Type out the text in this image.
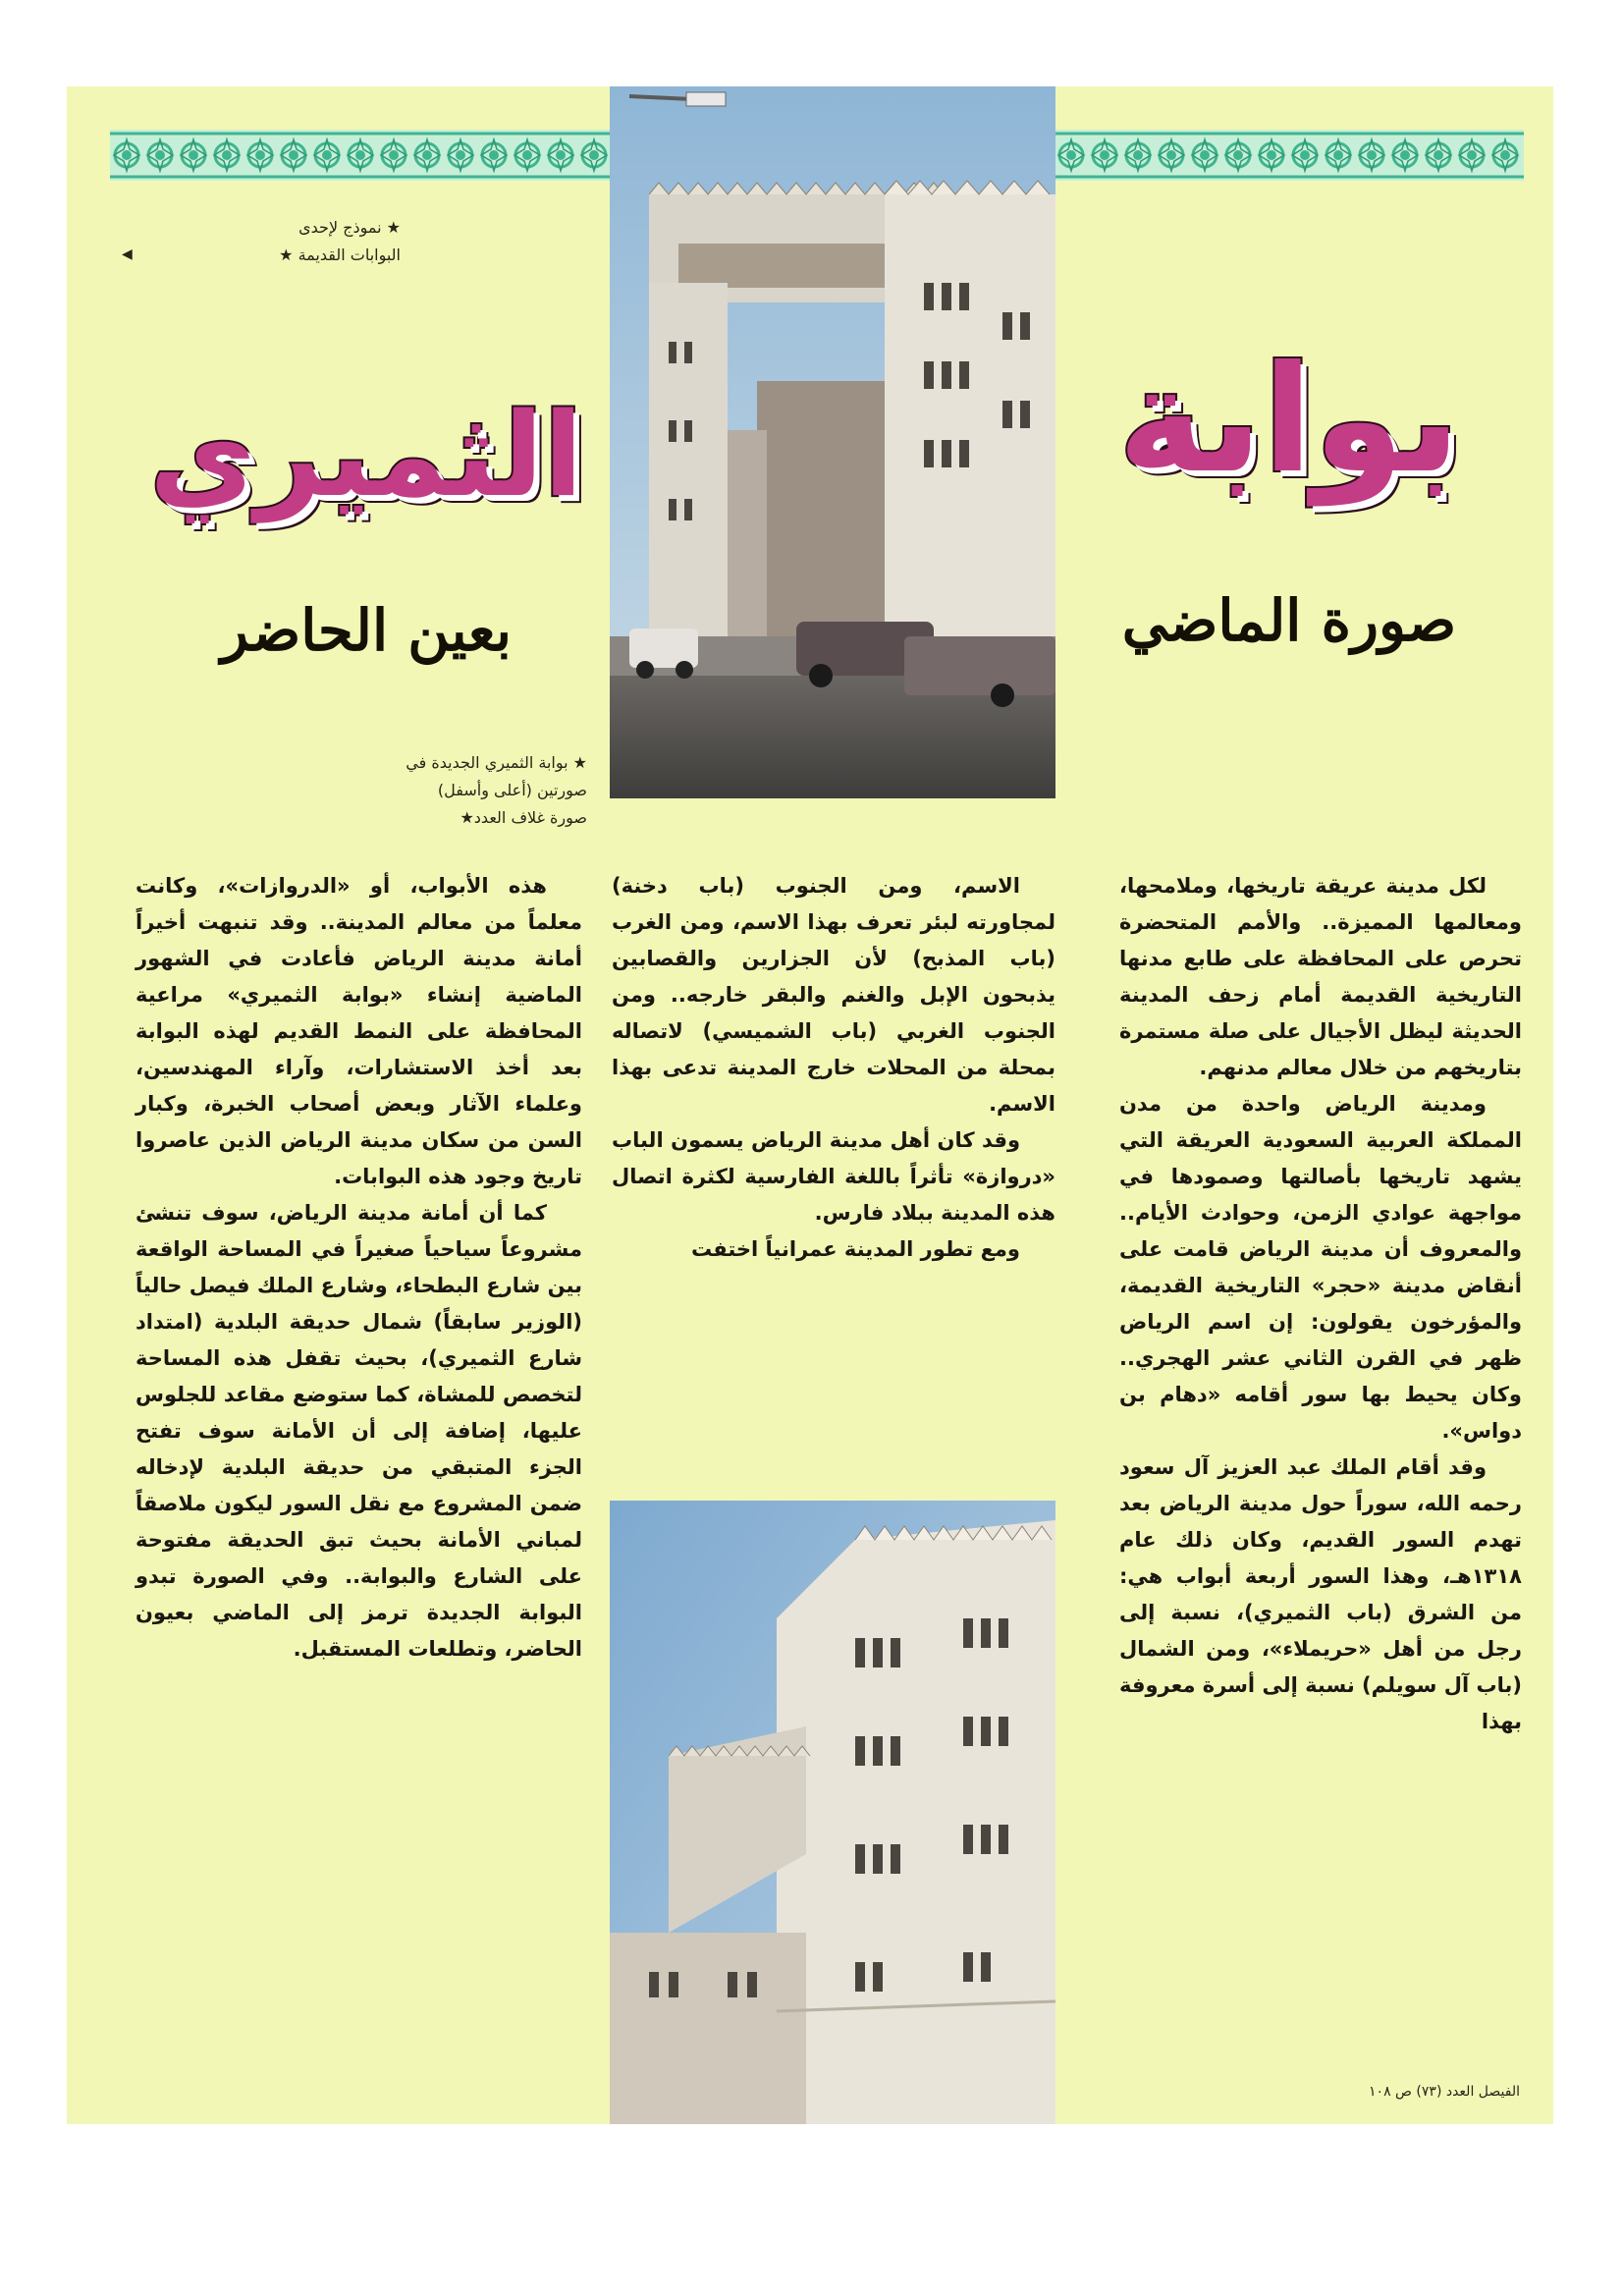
★ نموذج لإحدى
البوابات القديمة ★
◀
بوابة
صورة الماضي
الثميري
بعين الحاضر
★ بوابة الثميري الجديدة في
صورتين (أعلى وأسفل)
صورة غلاف العدد★

لكل مدينة عريقة تاريخها، وملامحها، ومعالمها المميزة.. والأمم المتحضرة تحرص على المحافظة على طابع مدنها التاريخية القديمة أمام زحف المدينة الحديثة ليظل الأجيال على صلة مستمرة بتاريخهم من خلال معالم مدنهم.

ومدينة الرياض واحدة من مدن المملكة العربية السعودية العريقة التي يشهد تاريخها بأصالتها وصمودها في مواجهة عوادي الزمن، وحوادث الأيام.. والمعروف أن مدينة الرياض قامت على أنقاض مدينة «حجر» التاريخية القديمة، والمؤرخون يقولون: إن اسم الرياض ظهر في القرن الثاني عشر الهجري.. وكان يحيط بها سور أقامه «دهام بن دواس».

وقد أقام الملك عبد العزيز آل سعود رحمه الله، سوراً حول مدينة الرياض بعد تهدم السور القديم، وكان ذلك عام ١٣١٨هـ، وهذا السور أربعة أبواب هي: من الشرق (باب الثميري)، نسبة إلى رجل من أهل «حريملاء»، ومن الشمال (باب آل سويلم) نسبة إلى أسرة معروفة بهذا

الاسم، ومن الجنوب (باب دخنة) لمجاورته لبئر تعرف بهذا الاسم، ومن الغرب (باب المذبح) لأن الجزارين والقصابين يذبحون الإبل والغنم والبقر خارجه.. ومن الجنوب الغربي (باب الشميسي) لاتصاله بمحلة من المحلات خارج المدينة تدعى بهذا الاسم.

وقد كان أهل مدينة الرياض يسمون الباب «دروازة» تأثراً باللغة الفارسية لكثرة اتصال هذه المدينة ببلاد فارس.

ومع تطور المدينة عمرانياً اختفت

هذه الأبواب، أو «الدروازات»، وكانت معلماً من معالم المدينة.. وقد تنبهت أخيراً أمانة مدينة الرياض فأعادت في الشهور الماضية إنشاء «بوابة الثميري» مراعية المحافظة على النمط القديم لهذه البوابة بعد أخذ الاستشارات، وآراء المهندسين، وعلماء الآثار وبعض أصحاب الخبرة، وكبار السن من سكان مدينة الرياض الذين عاصروا تاريخ وجود هذه البوابات.

كما أن أمانة مدينة الرياض، سوف تنشئ مشروعاً سياحياً صغيراً في المساحة الواقعة بين شارع البطحاء، وشارع الملك فيصل حالياً (الوزير سابقاً) شمال حديقة البلدية (امتداد شارع الثميري)، بحيث تقفل هذه المساحة لتخصص للمشاة، كما ستوضع مقاعد للجلوس عليها، إضافة إلى أن الأمانة سوف تفتح الجزء المتبقي من حديقة البلدية لإدخاله ضمن المشروع مع نقل السور ليكون ملاصقاً لمباني الأمانة بحيث تبق الحديقة مفتوحة على الشارع والبوابة.. وفي الصورة تبدو البوابة الجديدة ترمز إلى الماضي بعيون الحاضر، وتطلعات المستقبل.

الفيصل العدد (٧٣) ص ١٠٨
